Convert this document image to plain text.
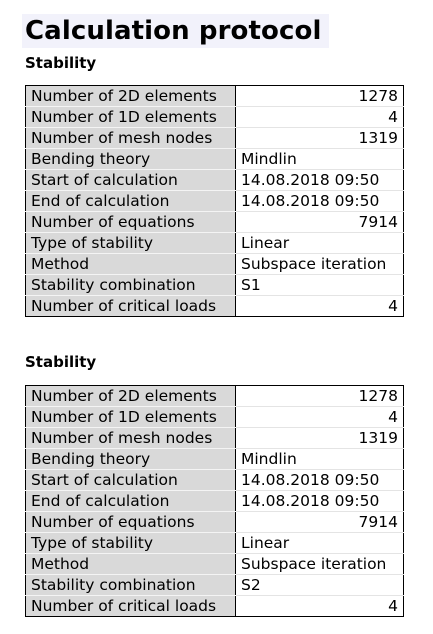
Calculation protocol
Stability
Number of 2D elements	1278
Number of 1D elements	4
Number of mesh nodes	1319
Bending theory	Mindlin
Start of calculation	14.08.2018 09:50
End of calculation	14.08.2018 09:50
Number of equations	7914
Type of stability	Linear
Method	Subspace iteration
Stability combination	S1
Number of critical loads	4
Stability
Number of 2D elements	1278
Number of 1D elements	4
Number of mesh nodes	1319
Bending theory	Mindlin
Start of calculation	14.08.2018 09:50
End of calculation	14.08.2018 09:50
Number of equations	7914
Type of stability	Linear
Method	Subspace iteration
Stability combination	S2
Number of critical loads	4
